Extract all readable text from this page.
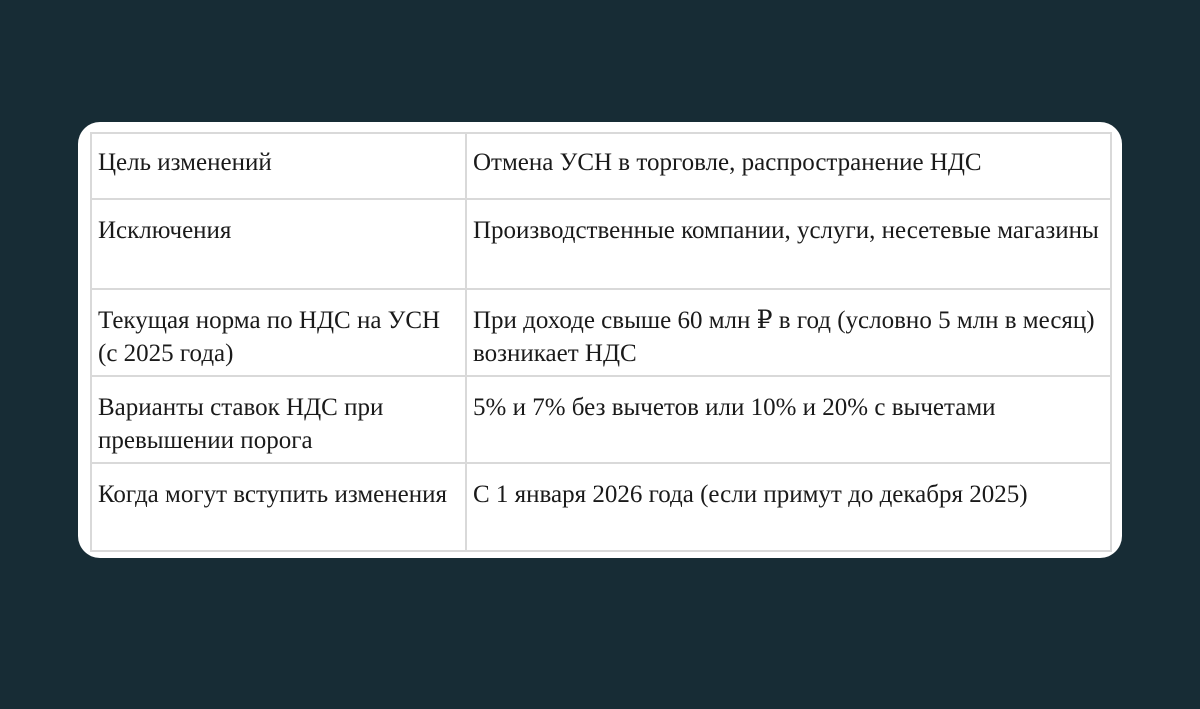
Цель изменений	Отмена УСН в торговле, распространение НДС
Исключения	Производственные компании, услуги, несетевые магазины
Текущая норма по НДС на УСН (с 2025 года)	При доходе свыше 60 млн ₽ в год (условно 5 млн в месяц) возникает НДС
Варианты ставок НДС при превышении порога	5% и 7% без вычетов или 10% и 20% с вычетами
Когда могут вступить изменения	С 1 января 2026 года (если примут до декабря 2025)
